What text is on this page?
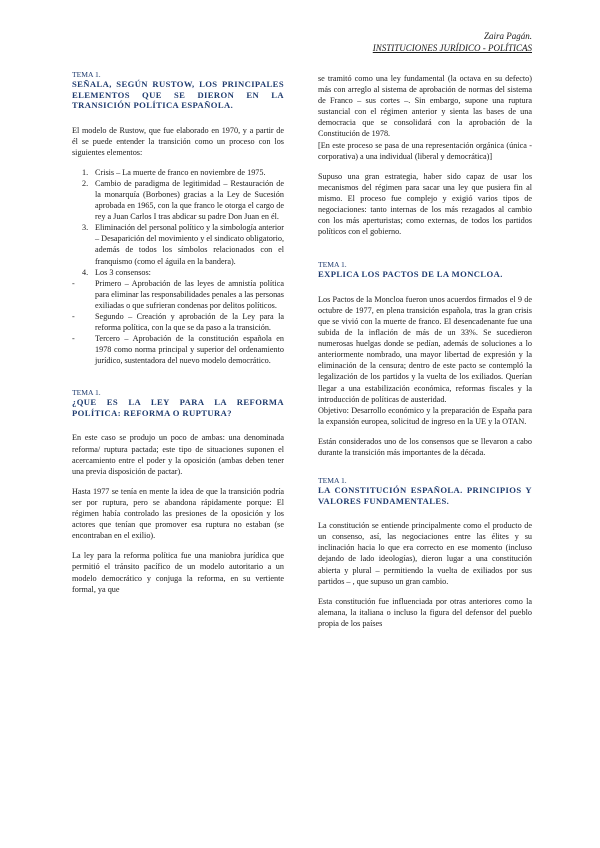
Zaira Pagán.
INSTITUCIONES JURÍDICO - POLÍTICAS
TEMA 1.
SEÑALA, SEGÚN RUSTOW, LOS PRINCIPALES ELEMENTOS QUE SE DIERON EN LA TRANSICIÓN POLÍTICA ESPAÑOLA.

El modelo de Rustow, que fue elaborado en 1970, y a partir de él se puede entender la transición como un proceso con los siguientes elementos:

1. Crisis – La muerte de franco en noviembre de 1975.
2. Cambio de paradigma de legitimidad – Restauración de la monarquía (Borbones) gracias a la Ley de Sucesión aprobada en 1965, con la que franco le otorga el cargo de rey a Juan Carlos I tras abdicar su padre Don Juan en él.
3. Eliminación del personal político y la simbología anterior – Desaparición del movimiento y el sindicato obligatorio, además de todos los símbolos relacionados con el franquismo (como el águila en la bandera).
4. Los 3 consensos:
- Primero – Aprobación de las leyes de amnistía política para eliminar las responsabilidades penales a las personas exiliadas o que sufrieran condenas por delitos políticos.
- Segundo – Creación y aprobación de la Ley para la reforma política, con la que se da paso a la transición.
- Tercero – Aprobación de la constitución española en 1978 como norma principal y superior del ordenamiento jurídico, sustentadora del nuevo modelo democrático.
TEMA 1.
¿QUE ES LA LEY PARA LA REFORMA POLÍTICA: REFORMA O RUPTURA?

En este caso se produjo un poco de ambas: una denominada reforma/ ruptura pactada; este tipo de situaciones suponen el acercamiento entre el poder y la oposición (ambas deben tener una previa disposición de pactar).

Hasta 1977 se tenía en mente la idea de que la transición podría ser por ruptura, pero se abandona rápidamente porque: El régimen había controlado las presiones de la oposición y los actores que tenían que promover esa ruptura no estaban (se encontraban en el exilio).

La ley para la reforma política fue una maniobra jurídica que permitió el tránsito pacífico de un modelo autoritario a un modelo democrático y conjuga la reforma, en su vertiente formal, ya que

se tramitó como una ley fundamental (la octava en su defecto) más con arreglo al sistema de aprobación de normas del sistema de Franco – sus cortes –. Sin embargo, supone una ruptura sustancial con el régimen anterior y sienta las bases de una democracia que se consolidará con la aprobación de la Constitución de 1978.

[En este proceso se pasa de una representación orgánica (única - corporativa) a una individual (liberal y democrática)]

Supuso una gran estrategia, haber sido capaz de usar los mecanismos del régimen para sacar una ley que pusiera fin al mismo. El proceso fue complejo y exigió varios tipos de negociaciones: tanto internas de los más rezagados al cambio con los más aperturistas; como externas, de todos los partidos políticos con el gobierno.

TEMA 1.
EXPLICA LOS PACTOS DE LA MONCLOA.

Los Pactos de la Moncloa fueron unos acuerdos firmados el 9 de octubre de 1977, en plena transición española, tras la gran crisis que se vivió con la muerte de franco. El desencadenante fue una subida de la inflación de más de un 33%. Se sucedieron numerosas huelgas donde se pedían, además de soluciones a lo anteriormente nombrado, una mayor libertad de expresión y la eliminación de la censura; dentro de este pacto se contempló la legalización de los partidos y la vuelta de los exiliados. Querían llegar a una estabilización económica, reformas fiscales y la introducción de políticas de austeridad.

Objetivo: Desarrollo económico y la preparación de España para la expansión europea, solicitud de ingreso en la UE y la OTAN.

Están considerados uno de los consensos que se llevaron a cabo durante la transición más importantes de la década.

TEMA 1.
LA CONSTITUCIÓN ESPAÑOLA. PRINCIPIOS Y VALORES FUNDAMENTALES.

La constitución se entiende principalmente como el producto de un consenso, así, las negociaciones entre las élites y su inclinación hacia lo que era correcto en ese momento (incluso dejando de lado ideologías), dieron lugar a una constitución abierta y plural – permitiendo la vuelta de exiliados por sus partidos – , que supuso un gran cambio.

Esta constitución fue influenciada por otras anteriores como la alemana, la italiana o incluso la figura del defensor del pueblo propia de los países
